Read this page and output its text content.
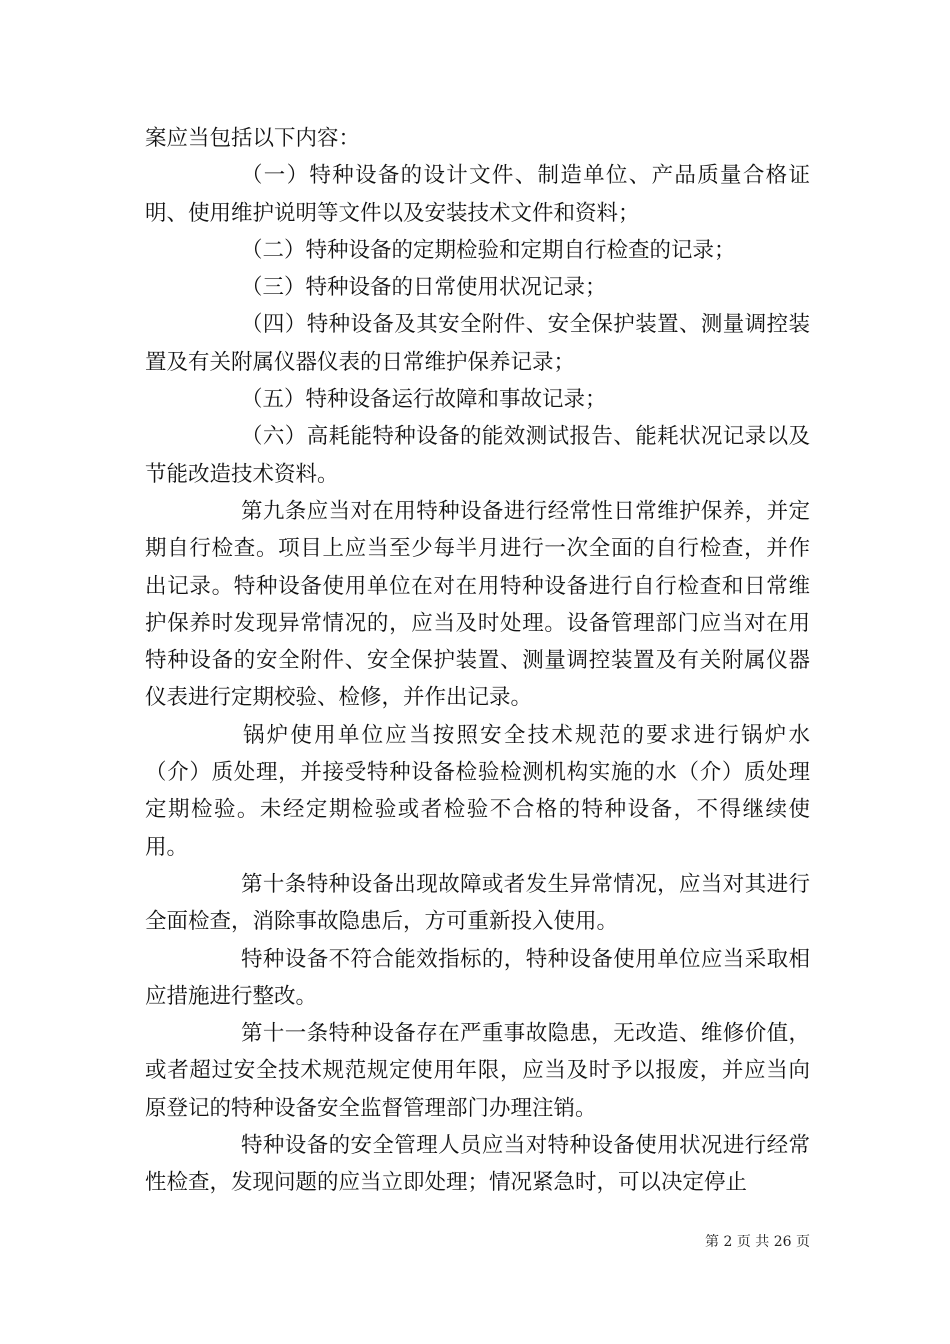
案应当包括以下内容：

（一）特种设备的设计文件、制造单位、产品质量合格证明、使用维护说明等文件以及安装技术文件和资料；

（二）特种设备的定期检验和定期自行检查的记录；

（三）特种设备的日常使用状况记录；

（四）特种设备及其安全附件、安全保护装置、测量调控装置及有关附属仪器仪表的日常维护保养记录；

（五）特种设备运行故障和事故记录；

（六）高耗能特种设备的能效测试报告、能耗状况记录以及节能改造技术资料。

第九条应当对在用特种设备进行经常性日常维护保养，并定期自行检查。项目上应当至少每半月进行一次全面的自行检查，并作出记录。特种设备使用单位在对在用特种设备进行自行检查和日常维护保养时发现异常情况的，应当及时处理。设备管理部门应当对在用特种设备的安全附件、安全保护装置、测量调控装置及有关附属仪器仪表进行定期校验、检修，并作出记录。

锅炉使用单位应当按照安全技术规范的要求进行锅炉水（介）质处理，并接受特种设备检验检测机构实施的水（介）质处理定期检验。未经定期检验或者检验不合格的特种设备，不得继续使用。

第十条特种设备出现故障或者发生异常情况，应当对其进行全面检查，消除事故隐患后，方可重新投入使用。

特种设备不符合能效指标的，特种设备使用单位应当采取相应措施进行整改。

第十一条特种设备存在严重事故隐患，无改造、维修价值，或者超过安全技术规范规定使用年限，应当及时予以报废，并应当向原登记的特种设备安全监督管理部门办理注销。

特种设备的安全管理人员应当对特种设备使用状况进行经常性检查，发现问题的应当立即处理；情况紧急时，可以决定停止

第 2 页 共 26 页
